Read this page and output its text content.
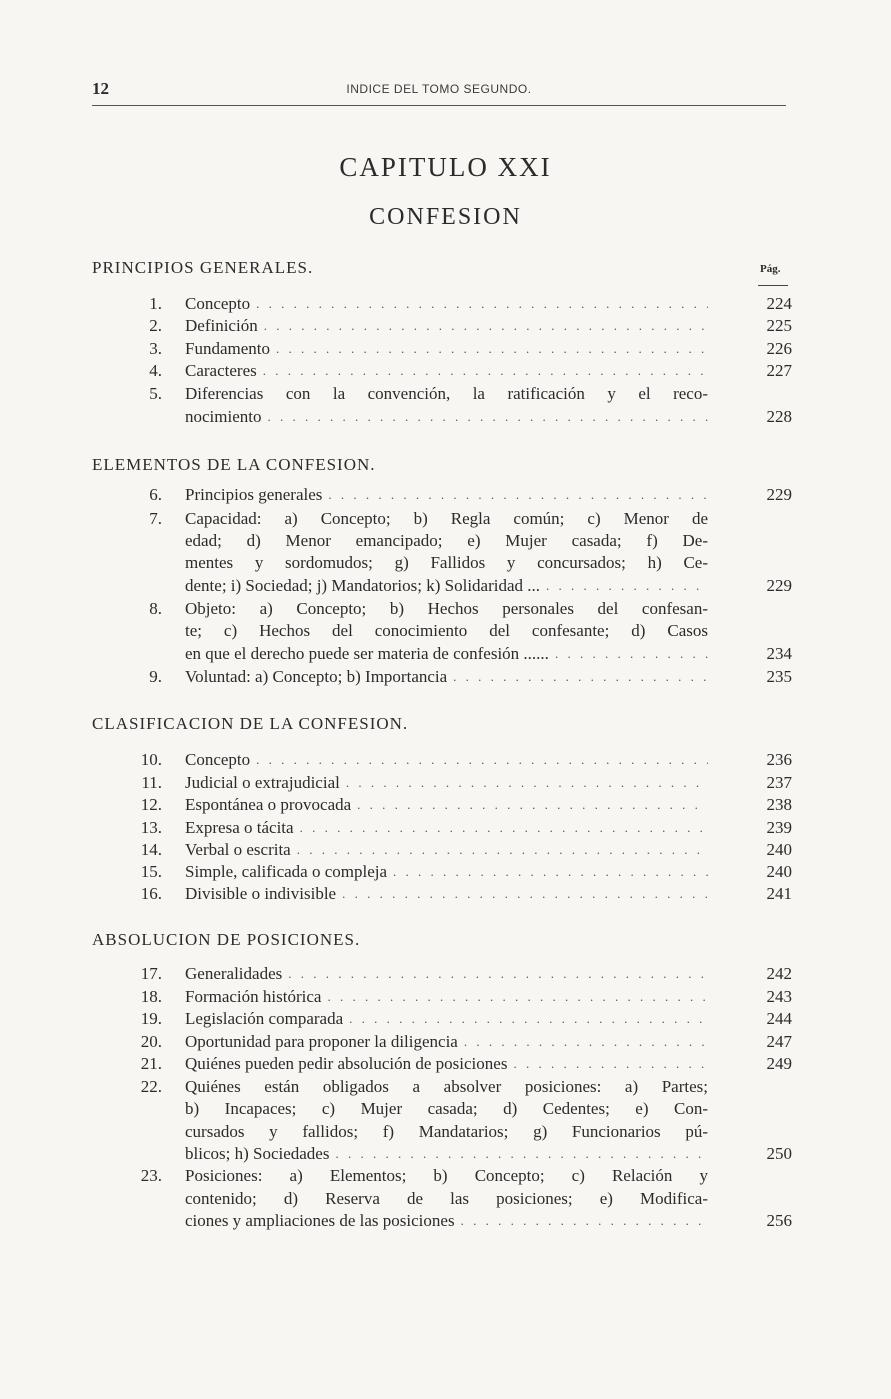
12	INDICE DEL TOMO SEGUNDO.
CAPITULO XXI
CONFESION
Pág.
PRINCIPIOS GENERALES.
ELEMENTOS DE LA CONFESION.
CLASIFICACION DE LA CONFESION.
ABSOLUCION DE POSICIONES.
1. Concepto . . .	224
2. Definición . . .	225
3. Fundamento . . .	226
4. Caracteres . . .	227
5. Diferencias con la convención, la ratificación y el reco-
nocimiento . . .	228
6. Principios generales . . .	229
7. Capacidad: a) Concepto; b) Regla común; c) Menor de
edad; d) Menor emancipado; e) Mujer casada; f) De-
mentes y sordomudos; g) Fallidos y concursados; h) Ce-
dente; i) Sociedad; j) Mandatorios; k) Solidaridad ... . . .	229
8. Objeto: a) Concepto; b) Hechos personales del confesan-
te; c) Hechos del conocimiento del confesante; d) Casos
en que el derecho puede ser materia de confesión ...... . . .	234
9. Voluntad: a) Concepto; b) Importancia . . .	235
10. Concepto . . .	236
11. Judicial o extrajudicial . . .	237
12. Espontánea o provocada . . .	238
13. Expresa o tácita . . .	239
14. Verbal o escrita . . .	240
15. Simple, calificada o compleja . . .	240
16. Divisible o indivisible . . .	241
17. Generalidades . . .	242
18. Formación histórica . . .	243
19. Legislación comparada . . .	244
20. Oportunidad para proponer la diligencia . . .	247
21. Quiénes pueden pedir absolución de posiciones . . .	249
22. Quiénes están obligados a absolver posiciones: a) Partes;
b) Incapaces; c) Mujer casada; d) Cedentes; e) Con-
cursados y fallidos; f) Mandatarios; g) Funcionarios pú-
blicos; h) Sociedades . . .	250
23. Posiciones: a) Elementos; b) Concepto; c) Relación y
contenido; d) Reserva de las posiciones; e) Modifica-
ciones y ampliaciones de las posiciones . . .	256
